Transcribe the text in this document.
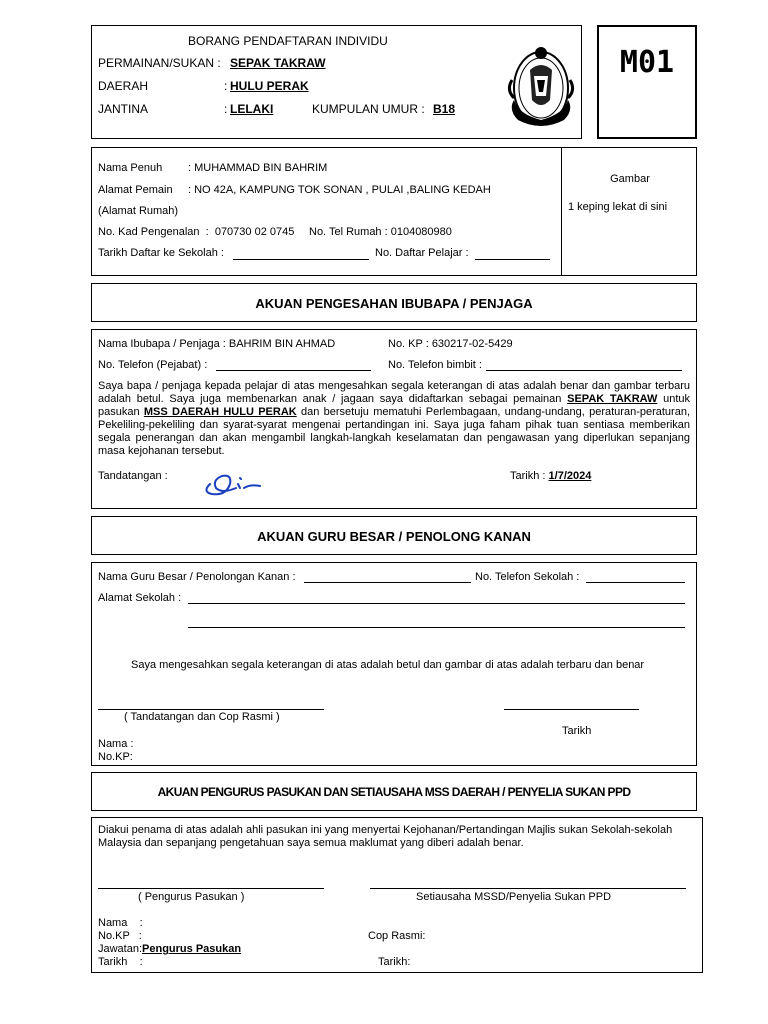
BORANG PENDAFTARAN INDIVIDU
PERMAINAN/SUKAN : SEPAK TAKRAW
DAERAH	: HULU PERAK
JANTINA	: LELAKI	KUMPULAN UMUR : B18
M01
Nama Penuh : MUHAMMAD BIN BAHRIM
Alamat Pemain : NO 42A, KAMPUNG TOK SONAN , PULAI ,BALING KEDAH
(Alamat Rumah)
No. Kad Pengenalan :  070730 02 0745 No. Tel Rumah : 0104080980
Tarikh Daftar ke Sekolah :	No. Daftar Pelajar :
Gambar
1 keping lekat di sini
AKUAN PENGESAHAN IBUBAPA / PENJAGA
Nama Ibubapa / Penjaga : BAHRIM BIN AHMAD	No. KP : 630217-02-5429
No. Telefon (Pejabat) :	No. Telefon bimbit :
Saya bapa / penjaga kepada pelajar di atas mengesahkan segala keterangan di atas adalah benar dan gambar terbaru adalah betul. Saya juga membenarkan anak / jagaan saya didaftarkan sebagai pemainan SEPAK TAKRAW untuk pasukan MSS DAERAH HULU PERAK dan bersetuju mematuhi Perlembagaan, undang-undang, peraturan-peraturan, Pekeliling-pekeliling dan syarat-syarat mengenai pertandingan ini. Saya juga faham pihak tuan sentiasa memberikan segala penerangan dan akan mengambil langkah-langkah keselamatan dan pengawasan yang diperlukan sepanjang masa kejohanan tersebut.
Tandatangan :	Tarikh : 1/7/2024
AKUAN GURU BESAR / PENOLONG KANAN
Nama Guru Besar / Penolongan Kanan :	No. Telefon Sekolah :
Alamat Sekolah :
Saya mengesahkan segala keterangan di atas adalah betul dan gambar di atas adalah terbaru dan benar
( Tandatangan dan Cop Rasmi )
Tarikh
Nama :
No.KP:
AKUAN PENGURUS PASUKAN DAN SETIAUSAHA MSS DAERAH / PENYELIA SUKAN PPD
Diakui penama di atas adalah ahli pasukan ini yang menyertai Kejohanan/Pertandingan Majlis sukan Sekolah-sekolah Malaysia dan sepanjang pengetahuan saya semua maklumat yang diberi adalah benar.
( Pengurus Pasukan )	Setiausaha MSSD/Penyelia Sukan PPD
Nama    :
No.KP   :
Jawatan:Pengurus Pasukan
Tarikh    :
Cop Rasmi:
Tarikh:
